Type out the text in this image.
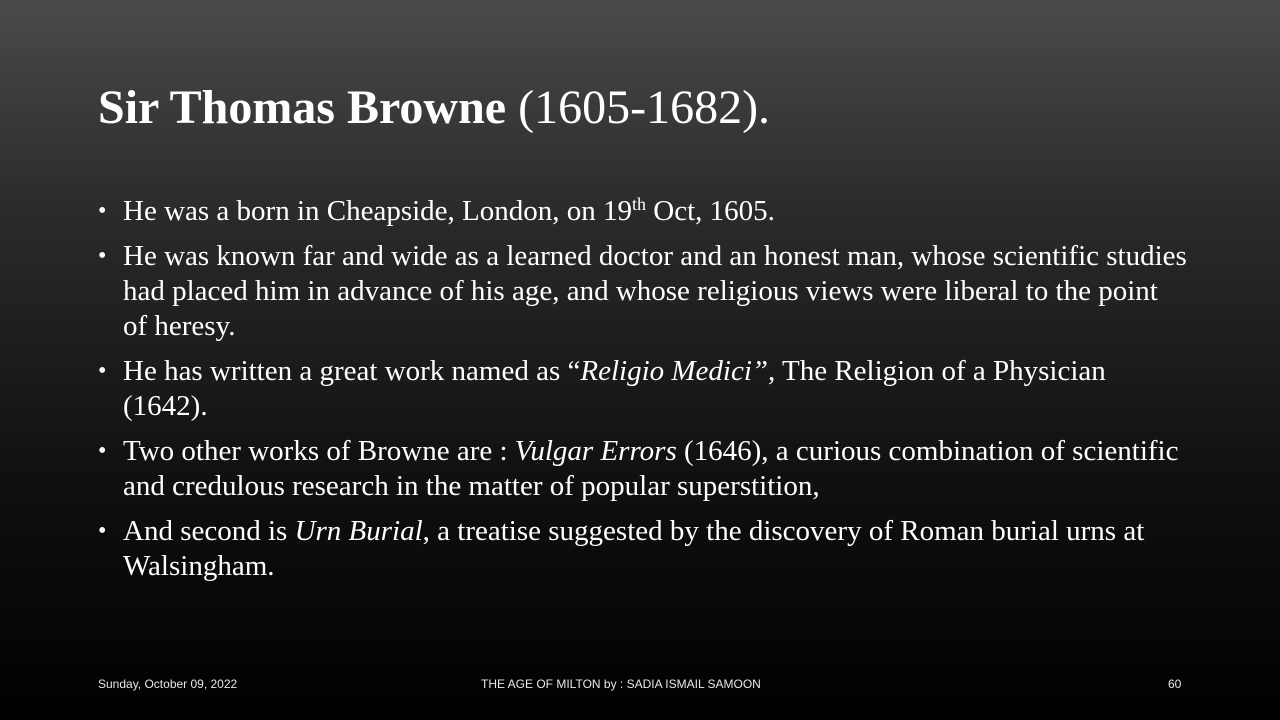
Sir Thomas Browne (1605-1682).
• He was a born in Cheapside, London, on 19th Oct, 1605.
• He was known far and wide as a learned doctor and an honest man, whose scientific studies had placed him in advance of his age, and whose religious views were liberal to the point of heresy.
• He has written a great work named as “Religio Medici”, The Religion of a Physician (1642).
• Two other works of Browne are : Vulgar Errors (1646), a curious combination of scientific and credulous research in the matter of popular superstition,
• And second is Urn Burial, a treatise suggested by the discovery of Roman burial urns at Walsingham.
Sunday, October 09, 2022	THE AGE OF MILTON by : SADIA ISMAIL SAMOON	60
